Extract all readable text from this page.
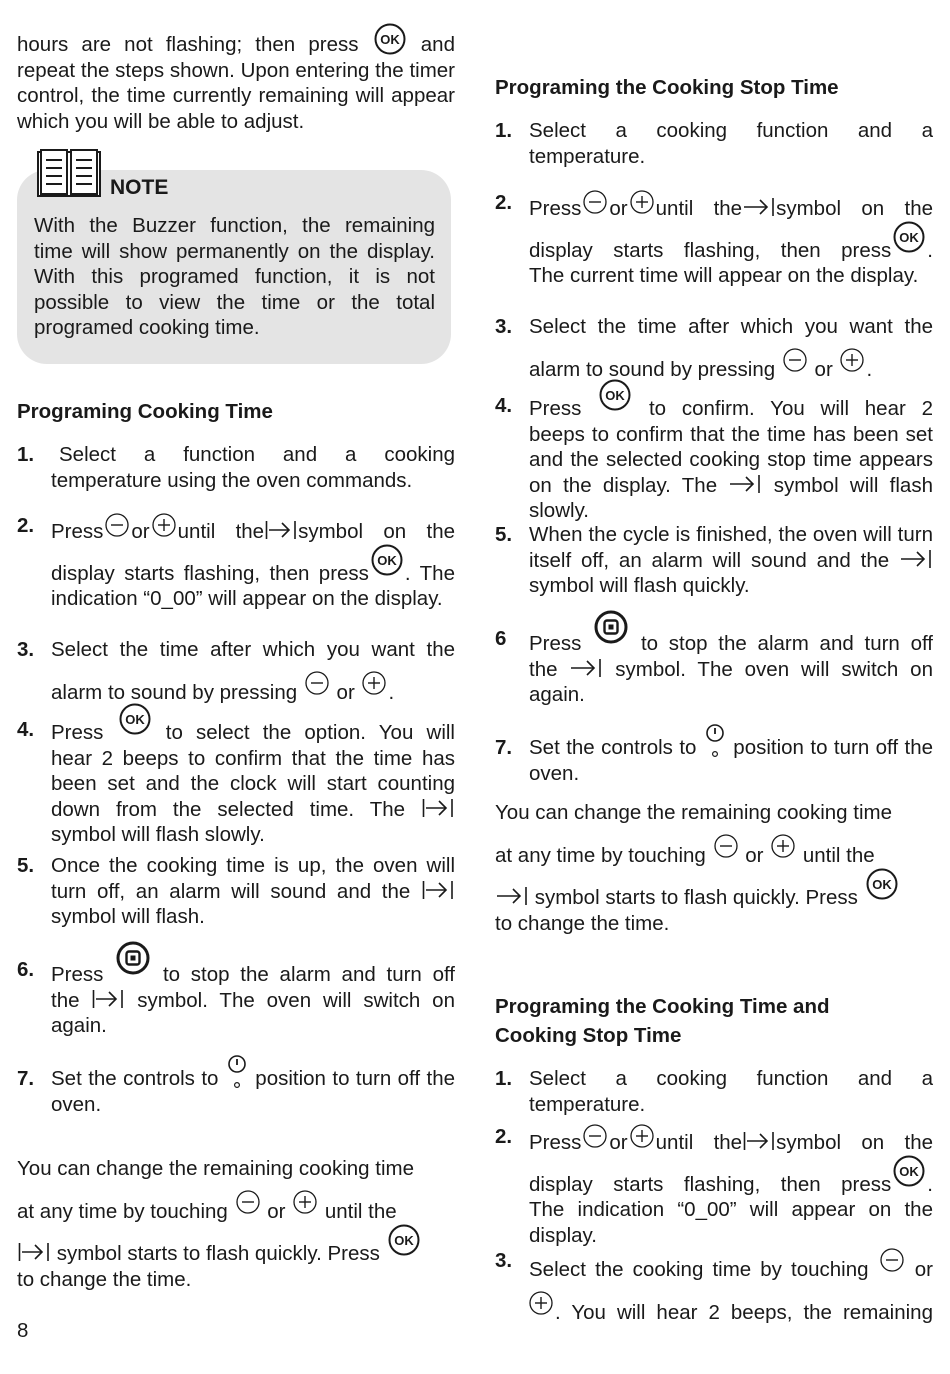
hours are not flashing; then press	and

repeat the steps shown. Upon entering the timer control, the time currently remaining will appear which you will be able to adjust.

NOTE
With the Buzzer function, the remaining time will show permanently on the display. With this programed function, it is not possible to view the time or the total programed cooking time.
Programing Cooking Time
1.	Select a function and a cooking temperature using the oven commands.

2. Press or until the symbol on the

display starts flashing, then press . The

indication “0_00” will appear on the display.

3. Select the time after which you want the

alarm to sound by pressing or .

4. Press	to select the option. You will

hear 2 beeps to confirm that the time has been set and the clock will start counting down from the selected time. The  symbol will flash slowly.

5. Once the cooking time is up, the oven will turn off, an alarm will sound and the  symbol will flash.

6. Press	to stop the alarm and turn off

the	symbol. The oven will switch on again.

7. Set the controls to position to turn off the oven.

You can change the remaining cooking time

at any time by touching or until the

symbol starts to flash quickly. Press

to change the time.

Programing the Cooking Stop Time
1. Select a cooking function and a temperature.

2. Press or until the symbol on the

display starts flashing, then press .

The current time will appear on the display.

3. Select the time after which you want the

alarm to sound by pressing or .

4. Press	to confirm. You will hear 2

beeps to confirm that the time has been set and the selected cooking stop time appears on the display. The	symbol will flash slowly.

5. When the cycle is finished, the oven will turn itself off, an alarm will sound and the  symbol will flash quickly.

6 Press	to stop the alarm and turn off

the	symbol. The oven will switch on again.

7. Set the controls to position to turn off the oven.

You can change the remaining cooking time

at any time by touching or until the

symbol starts to flash quickly. Press

to change the time.

Programing the Cooking Time and
Cooking Stop Time
1. Select a cooking function and a temperature.

2. Press or until the symbol on the

display starts flashing, then press .

The indication “0_00” will appear on the display.

3. Select the cooking time by touching or

. You will hear 2 beeps, the remaining

8
